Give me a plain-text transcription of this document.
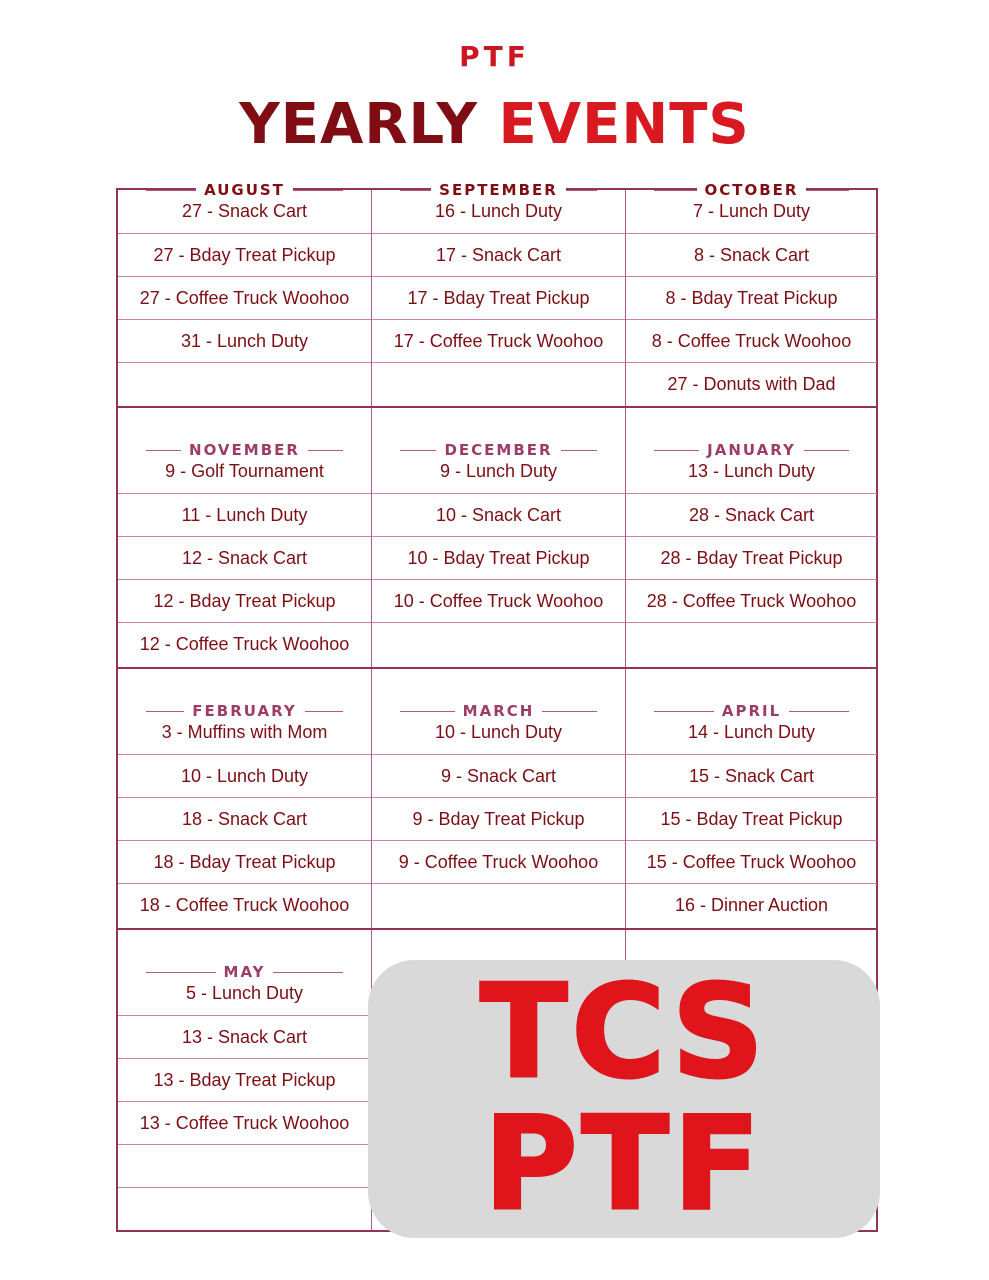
PTF
YEARLY EVENTS
AUGUST
27 - Snack Cart
27 - Bday Treat Pickup
27 - Coffee Truck Woohoo
31 - Lunch Duty
SEPTEMBER
16 - Lunch Duty
17 - Snack Cart
17 - Bday Treat Pickup
17 - Coffee Truck Woohoo
OCTOBER
7 - Lunch Duty
8 - Snack Cart
8 - Bday Treat Pickup
8 - Coffee Truck Woohoo
27 - Donuts with Dad
NOVEMBER
9 - Golf Tournament
11 - Lunch Duty
12 - Snack Cart
12 - Bday Treat Pickup
12 - Coffee Truck Woohoo
DECEMBER
9 - Lunch Duty
10 - Snack Cart
10 - Bday Treat Pickup
10 - Coffee Truck Woohoo
JANUARY
13 - Lunch Duty
28 - Snack Cart
28 - Bday Treat Pickup
28 - Coffee Truck Woohoo
FEBRUARY
3 - Muffins with Mom
10 - Lunch Duty
18 - Snack Cart
18 - Bday Treat Pickup
18 - Coffee Truck Woohoo
MARCH
10 - Lunch Duty
9 - Snack Cart
9 - Bday Treat Pickup
9 - Coffee Truck Woohoo
APRIL
14 - Lunch Duty
15 - Snack Cart
15 - Bday Treat Pickup
15 - Coffee Truck Woohoo
16 - Dinner Auction
MAY
5 - Lunch Duty
13 - Snack Cart
13 - Bday Treat Pickup
13 - Coffee Truck Woohoo
TCS
PTF
